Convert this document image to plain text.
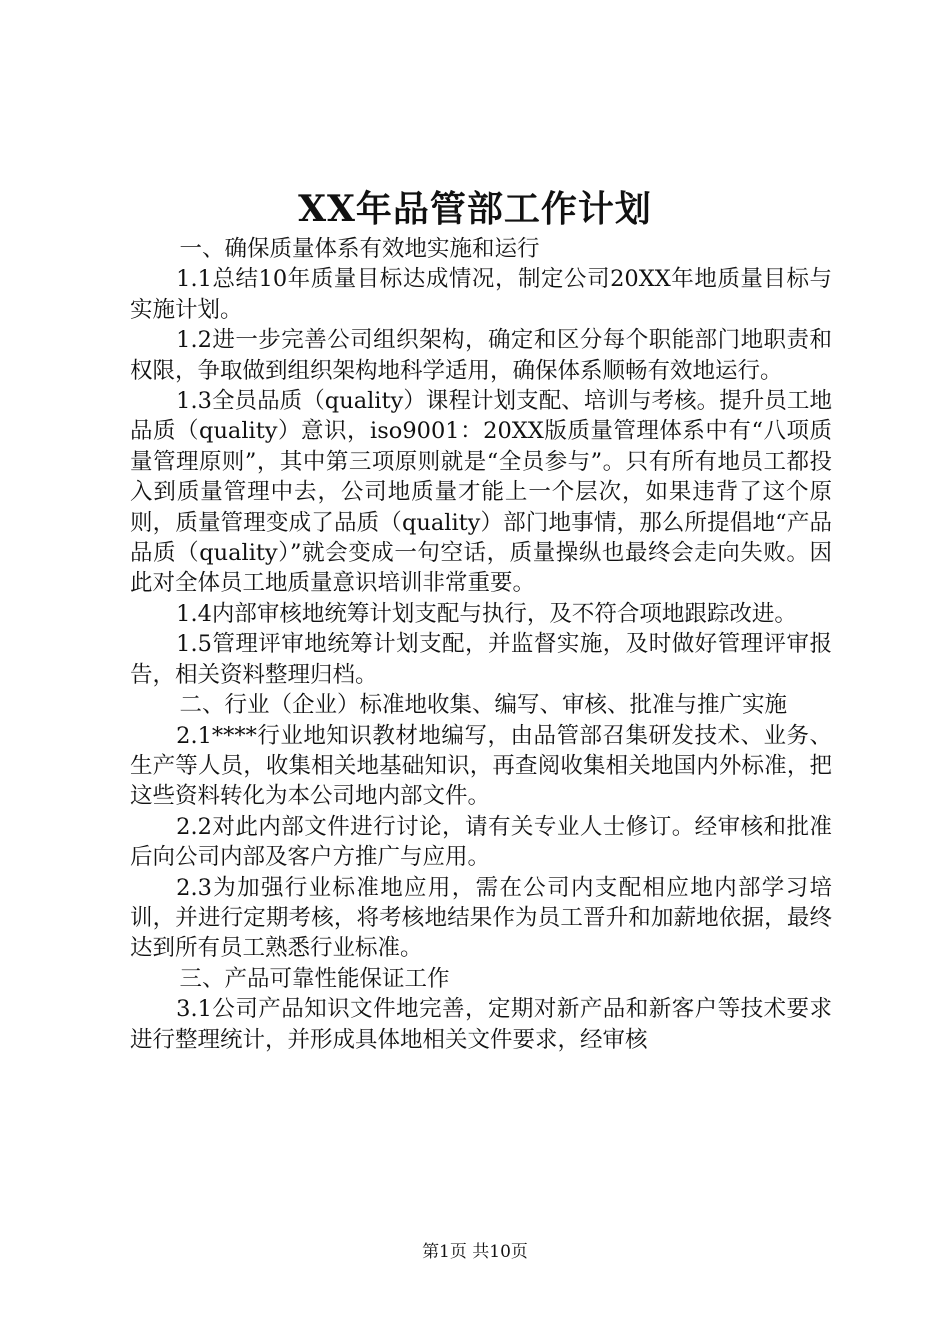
XX年品管部工作计划

一、确保质量体系有效地实施和运行

1.1总结10年质量目标达成情况，制定公司20XX年地质量目标与实施计划。

1.2进一步完善公司组织架构，确定和区分每个职能部门地职责和权限，争取做到组织架构地科学适用，确保体系顺畅有效地运行。

1.3全员品质（quality）课程计划支配、培训与考核。提升员工地品质（quality）意识，iso9001：20XX版质量管理体系中有“八项质量管理原则”，其中第三项原则就是“全员参与”。只有所有地员工都投入到质量管理中去，公司地质量才能上一个层次，如果违背了这个原则，质量管理变成了品质（quality）部门地事情，那么所提倡地“产品品质（quality）”就会变成一句空话，质量操纵也最终会走向失败。因此对全体员工地质量意识培训非常重要。

1.4内部审核地统筹计划支配与执行，及不符合项地跟踪改进。

1.5管理评审地统筹计划支配，并监督实施，及时做好管理评审报告，相关资料整理归档。

二、行业（企业）标准地收集、编写、审核、批准与推广实施

2.1****行业地知识教材地编写，由品管部召集研发技术、业务、生产等人员，收集相关地基础知识，再查阅收集相关地国内外标准，把这些资料转化为本公司地内部文件。

2.2对此内部文件进行讨论，请有关专业人士修订。经审核和批准后向公司内部及客户方推广与应用。

2.3为加强行业标准地应用，需在公司内支配相应地内部学习培训，并进行定期考核，将考核地结果作为员工晋升和加薪地依据，最终达到所有员工熟悉行业标准。

三、产品可靠性能保证工作

3.1公司产品知识文件地完善，定期对新产品和新客户等技术要求进行整理统计，并形成具体地相关文件要求，经审核

第1页 共10页
